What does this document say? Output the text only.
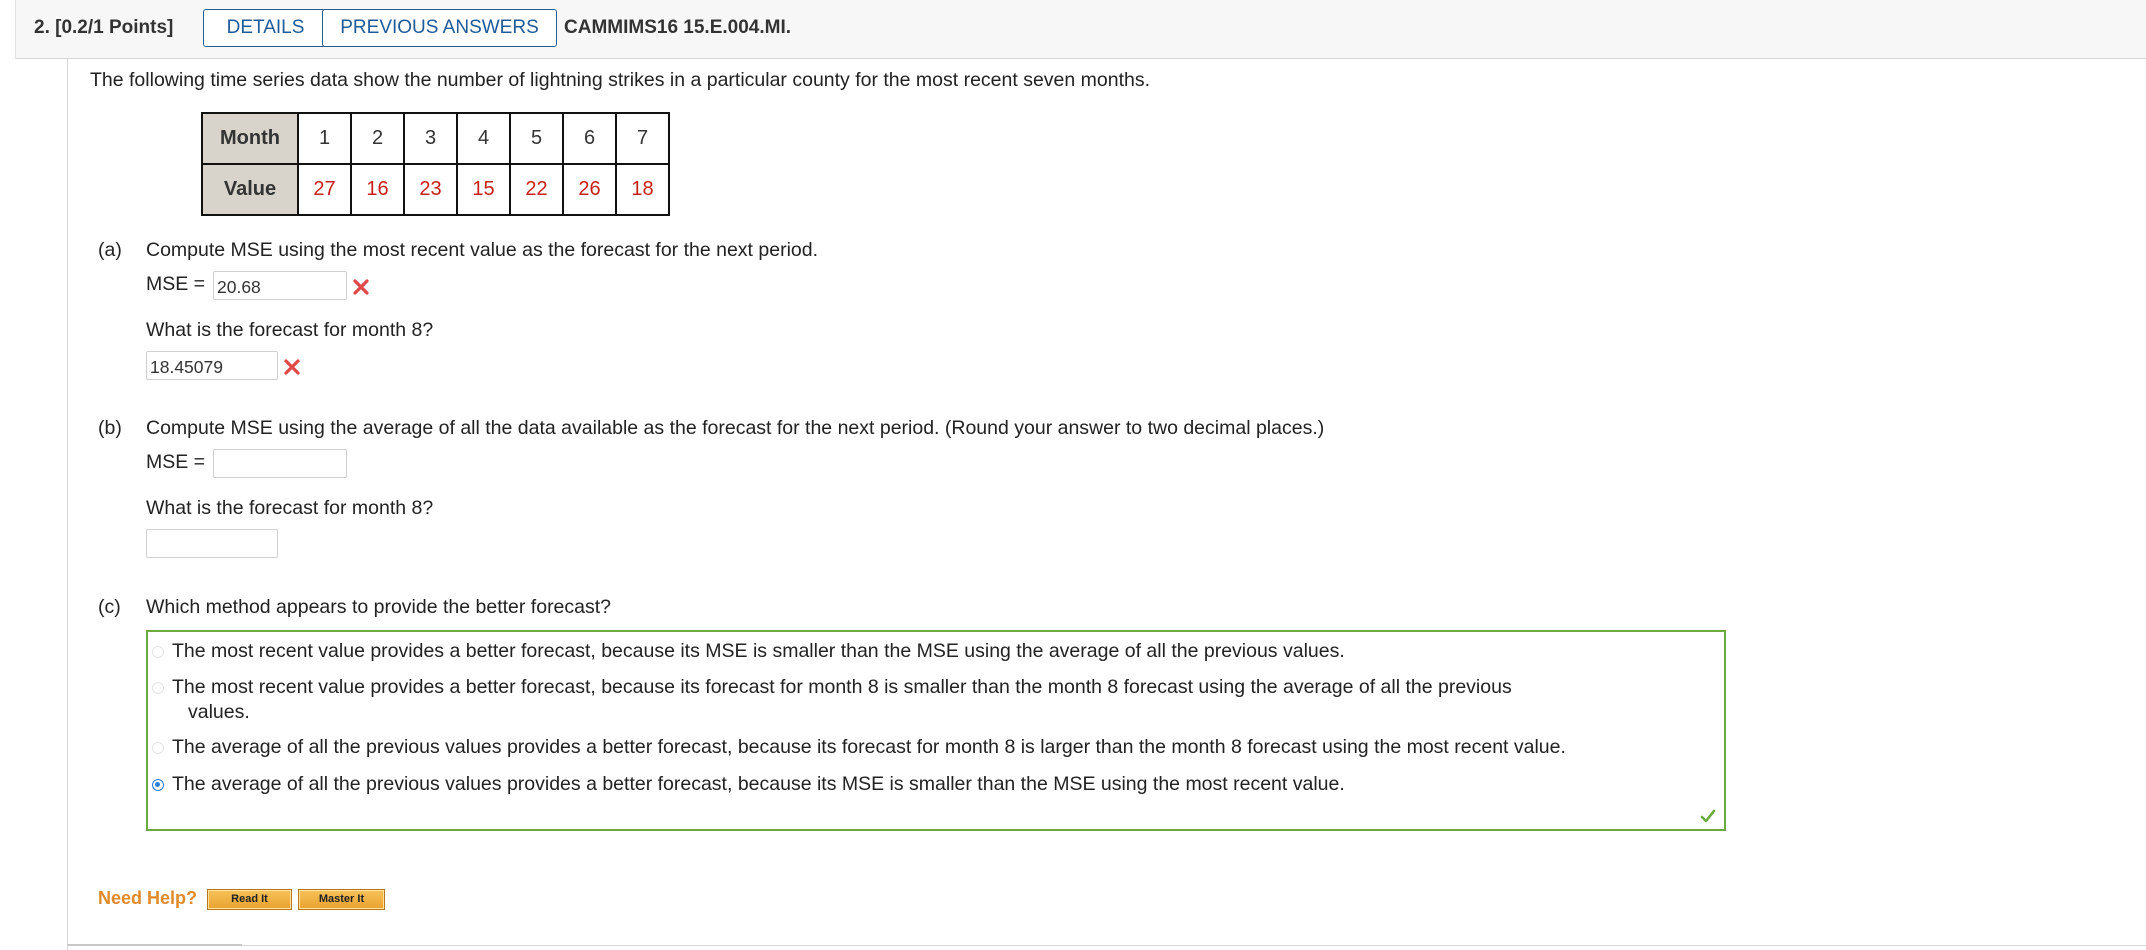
2. [0.2/1 Points]	DETAILS	PREVIOUS ANSWERS	CAMMIMS16 15.E.004.MI.
The following time series data show the number of lightning strikes in a particular county for the most recent seven months.
Month	1	2	3	4	5	6	7
Value	27	16	23	15	22	26	18
(a) Compute MSE using the most recent value as the forecast for the next period.
MSE =
20.68
What is the forecast for month 8?
18.45079
(b) Compute MSE using the average of all the data available as the forecast for the next period. (Round your answer to two decimal places.)
MSE =
What is the forecast for month 8?
(c) Which method appears to provide the better forecast?
The most recent value provides a better forecast, because its MSE is smaller than the MSE using the average of all the previous values.
The most recent value provides a better forecast, because its forecast for month 8 is smaller than the month 8 forecast using the average of all the previous
values.
The average of all the previous values provides a better forecast, because its forecast for month 8 is larger than the month 8 forecast using the most recent value.
The average of all the previous values provides a better forecast, because its MSE is smaller than the MSE using the most recent value.
Need Help?	Read It	Master It
